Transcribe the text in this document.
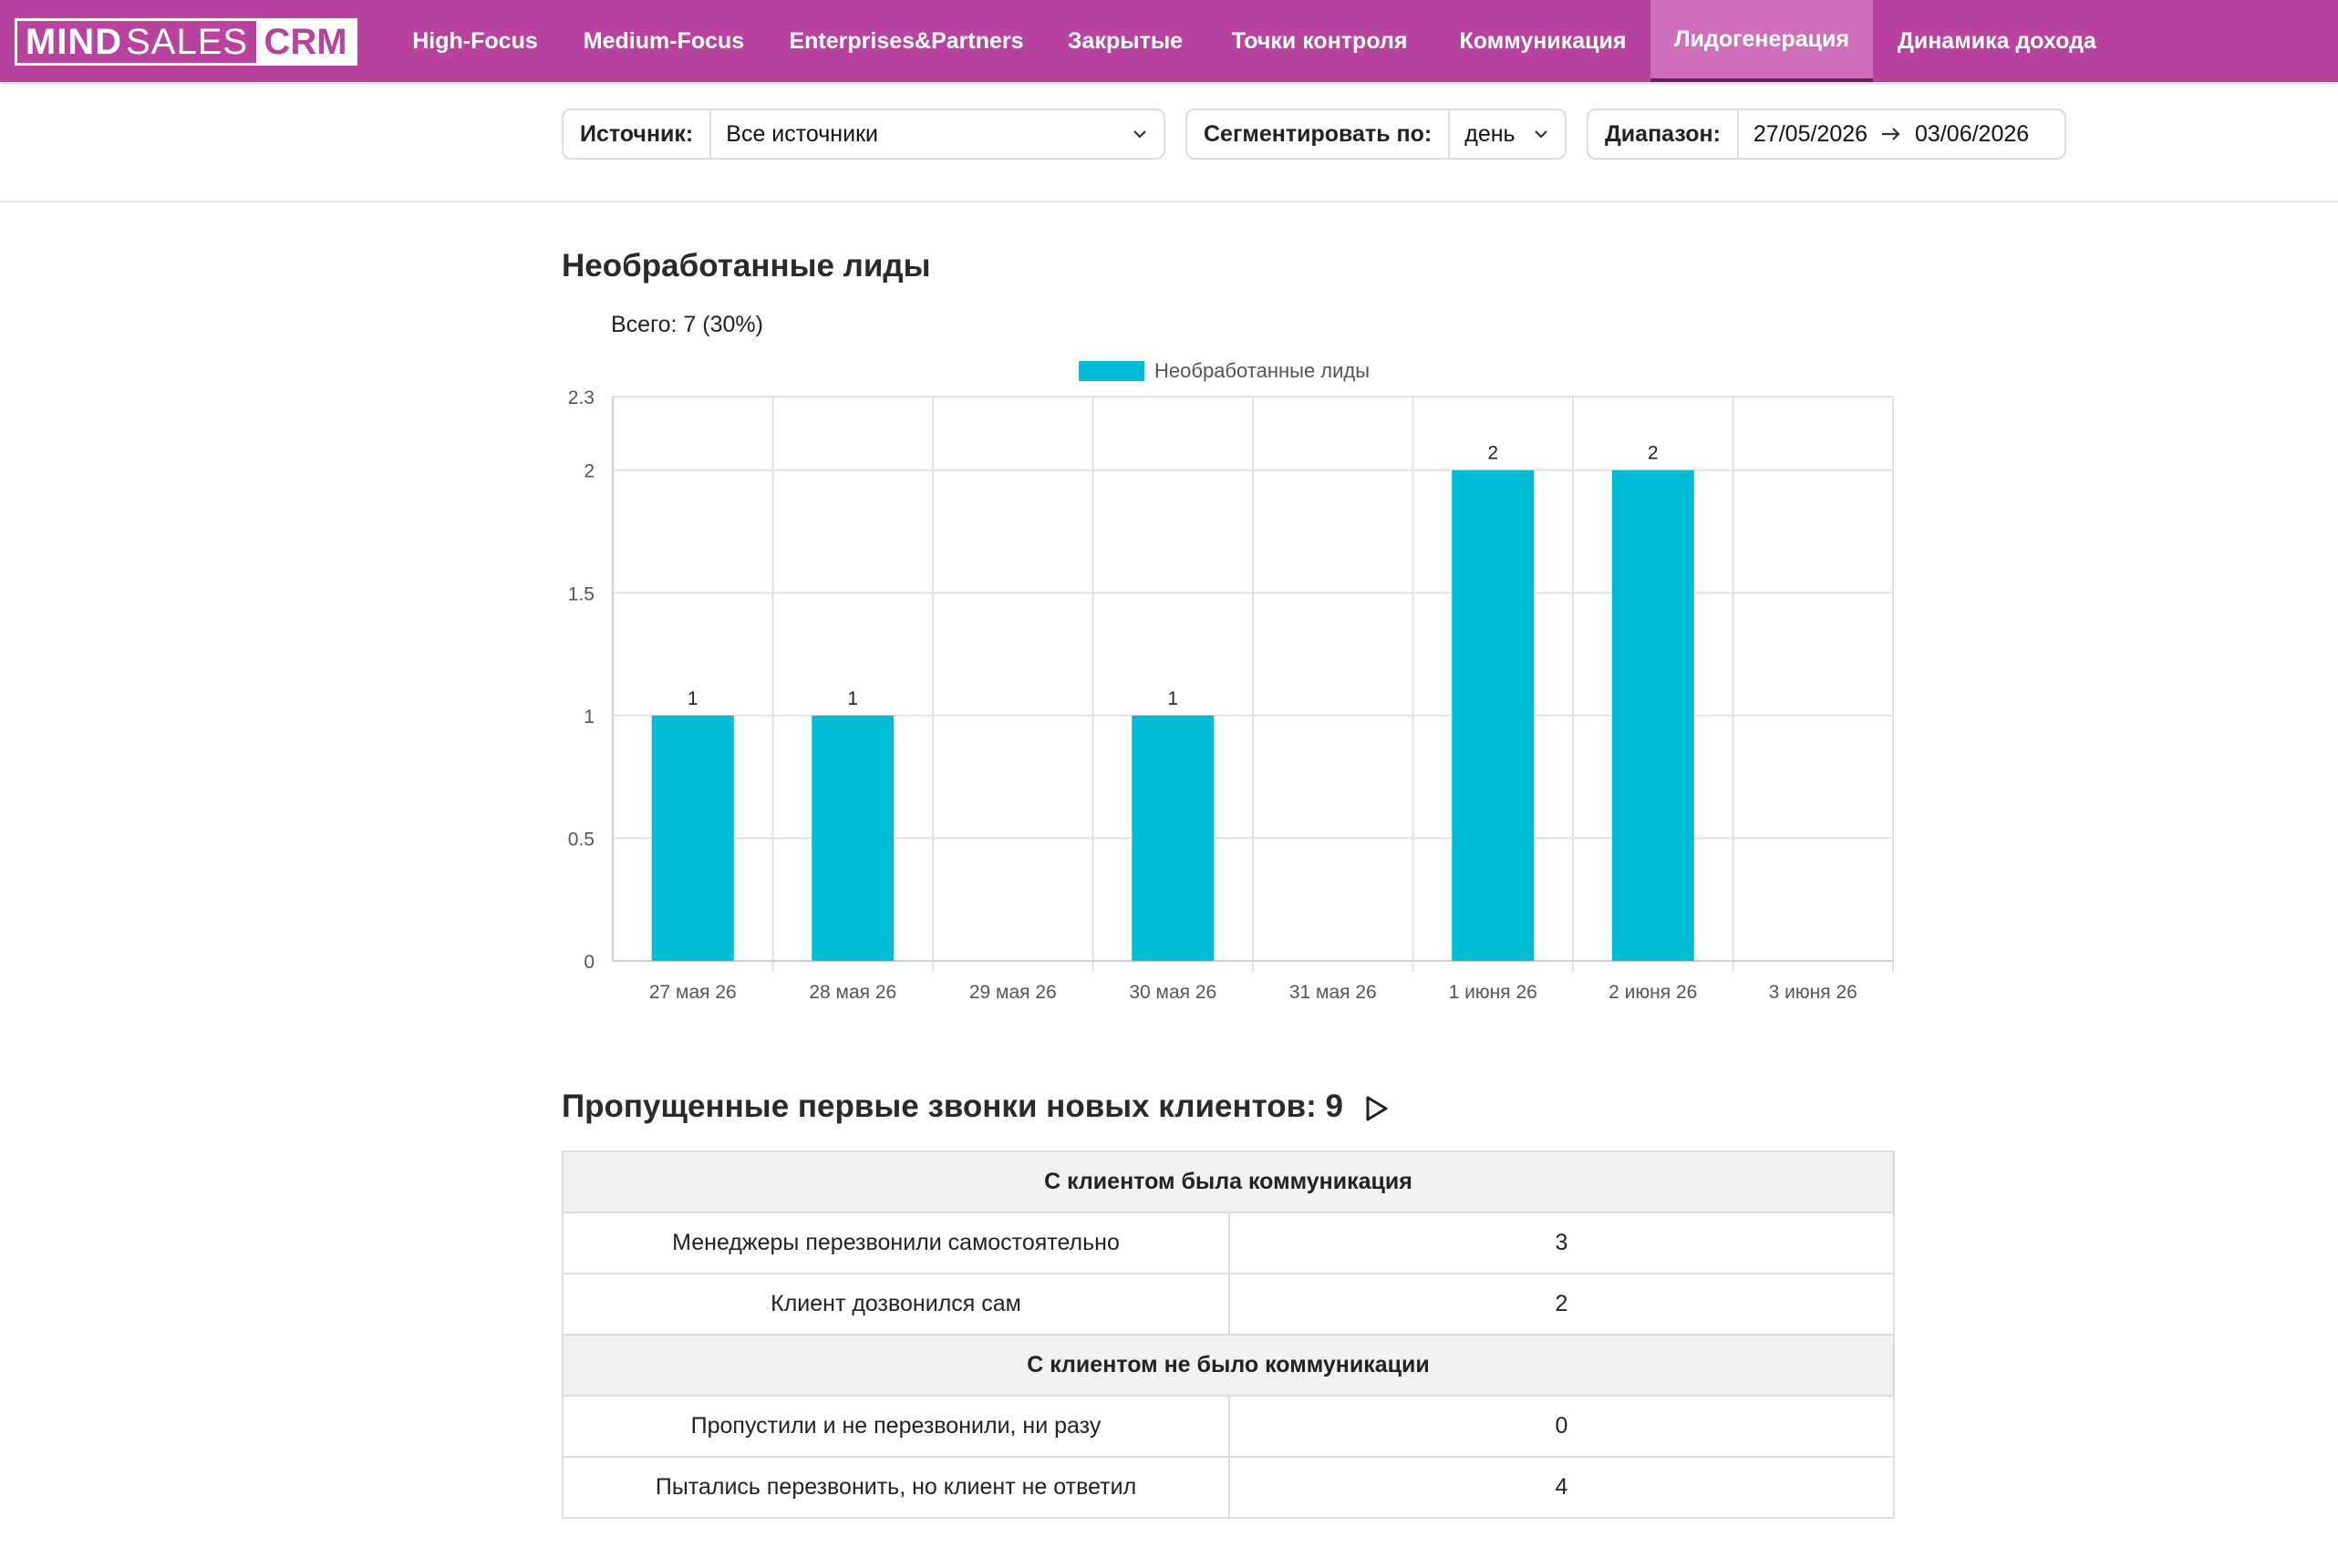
MIND SALES CRM	High-Focus	Medium-Focus	Enterprises&Partners	Закрытые	Точки контроля	Коммуникация	Лидогенерация	Динамика дохода
Источник:	Все источники	Сегментировать по:	день	Диапазон:	27/05/2026 03/06/2026
Необработанные лиды
Всего: 7 (30%)
Необработанные лиды
0
0.5
1
1.5
2
2.3
1
27 мая 26
1
28 мая 26	29 мая 26
1
30 мая 26	31 мая 26
2
1 июня 26
2
2 июня 26	3 июня 26
Пропущенные первые звонки новых клиентов: 9
С клиентом была коммуникация	
Менеджеры перезвонили самостоятельно	3
Клиент дозвонился сам	2
С клиентом не было коммуникации	
Пропустили и не перезвонили, ни разу	0
Пытались перезвонить, но клиент не ответил	4
